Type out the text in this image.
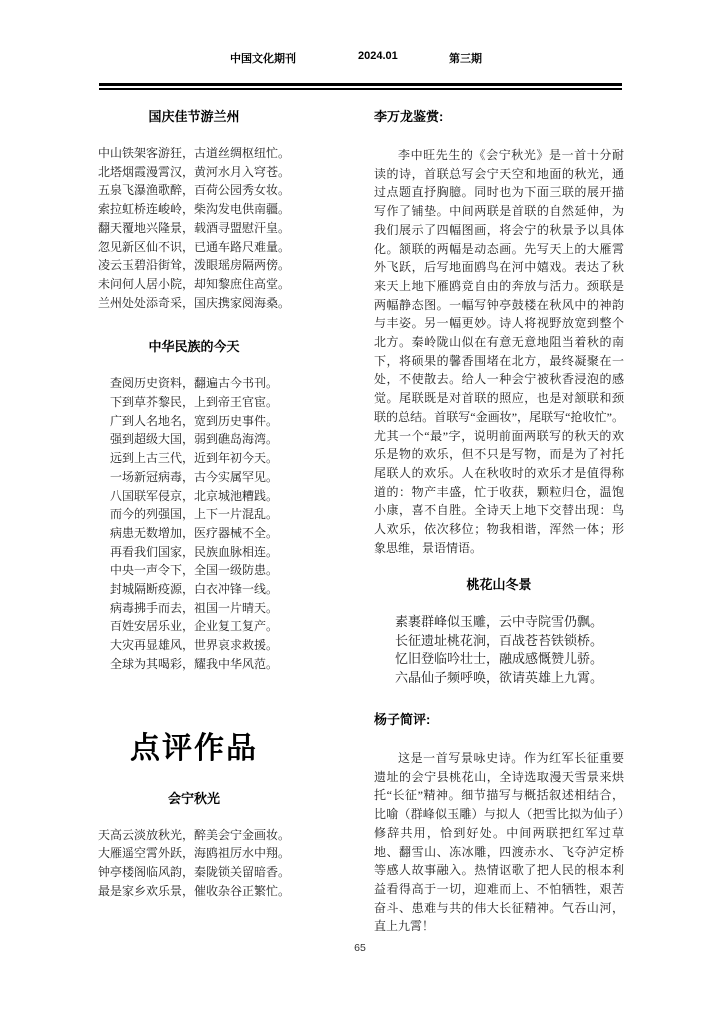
中国文化期刊	2024.01	第三期
国庆佳节游兰州
中山铁架客游狂，古道丝绸枢纽忙。
北塔烟霞漫霄汉，黄河水月入穹苍。
五泉飞瀑渔歌醉，百荷公园秀女妆。
索拉虹桥连峻岭，柴沟发电供南疆。
翻天覆地兴隆景，载酒寻盟慰汗皇。
忽见新区仙不识，已通车路尺难量。
凌云玉碧沿街耸，泼眼瑶房隔两傍。
未问何人居小院，却知黎庶住高堂。
兰州处处添奇采，国庆携家阅海桑。
中华民族的今天
查阅历史资料，翻遍古今书刊。
下到草芥黎民，上到帝王官宦。
广到人名地名，宽到历史事件。
强到超级大国，弱到礁岛海湾。
远到上古三代，近到年初今天。
一场新冠病毒，古今实属罕见。
八国联军侵京，北京城池糟践。
而今的列强国，上下一片混乱。
病患无数增加，医疗器械不全。
再看我们国家，民族血脉相连。
中央一声令下，全国一级防患。
封城隔断疫源，白衣冲锋一线。
病毒拂手而去，祖国一片晴天。
百姓安居乐业，企业复工复产。
大灾再显雄风，世界哀求救援。
全球为其喝彩，耀我中华风范。
点评作品
会宁秋光
天高云淡放秋光，醉美会宁金画妆。
大雁遥空霄外跃，海鸥祖厉水中翔。
钟亭楼阁临风韵，秦陇锁关留暗香。
最是家乡欢乐景，催收杂谷正繁忙。
李万龙鉴赏:

李中旺先生的《会宁秋光》是一首十分耐读的诗，首联总写会宁天空和地面的秋光，通过点题直抒胸臆。同时也为下面三联的展开描写作了铺垫。中间两联是首联的自然延伸，为我们展示了四幅图画，将会宁的秋景予以具体化。颔联的两幅是动态画。先写天上的大雁霄外飞跃，后写地面鸥鸟在河中嬉戏。表达了秋来天上地下雁鸥竞自由的奔放与活力。颈联是两幅静态图。一幅写钟亭鼓楼在秋风中的神韵与丰姿。另一幅更妙。诗人将视野放宽到整个北方。秦岭陇山似在有意无意地阻当着秋的南下，将硕果的馨香围堵在北方，最终凝聚在一处，不使散去。给人一种会宁被秋香浸泡的感觉。尾联既是对首联的照应，也是对颔联和颈联的总结。首联写“金画妆”，尾联写“抢收忙”。尤其一个“最”字，说明前面两联写的秋天的欢乐是物的欢乐，但不只是写物，而是为了衬托尾联人的欢乐。人在秋收时的欢乐才是值得称道的：物产丰盛，忙于收获，颗粒归仓，温饱小康，喜不自胜。全诗天上地下交替出现：鸟人欢乐，依次移位；物我相谐，浑然一体；形象思维，景语情语。

桃花山冬景
素裹群峰似玉雕，云中寺院雪仍飘。
长征遗址桃花涧，百战苍苔铁锁桥。
忆旧登临吟壮士，融成感慨赞儿骄。
六晶仙子频呼唤，欲请英雄上九霄。
杨子简评:

这是一首写景咏史诗。作为红军长征重要遗址的会宁县桃花山，全诗选取漫天雪景来烘托“长征”精神。细节描写与概括叙述相结合，比喻（群峰似玉雕）与拟人（把雪比拟为仙子）修辞共用，恰到好处。中间两联把红军过草地、翻雪山、冻冰雕，四渡赤水、飞夺泸定桥等感人故事融入。热情讴歌了把人民的根本利益看得高于一切，迎难而上、不怕牺牲，艰苦奋斗、患难与共的伟大长征精神。气吞山河，直上九霄！

65
